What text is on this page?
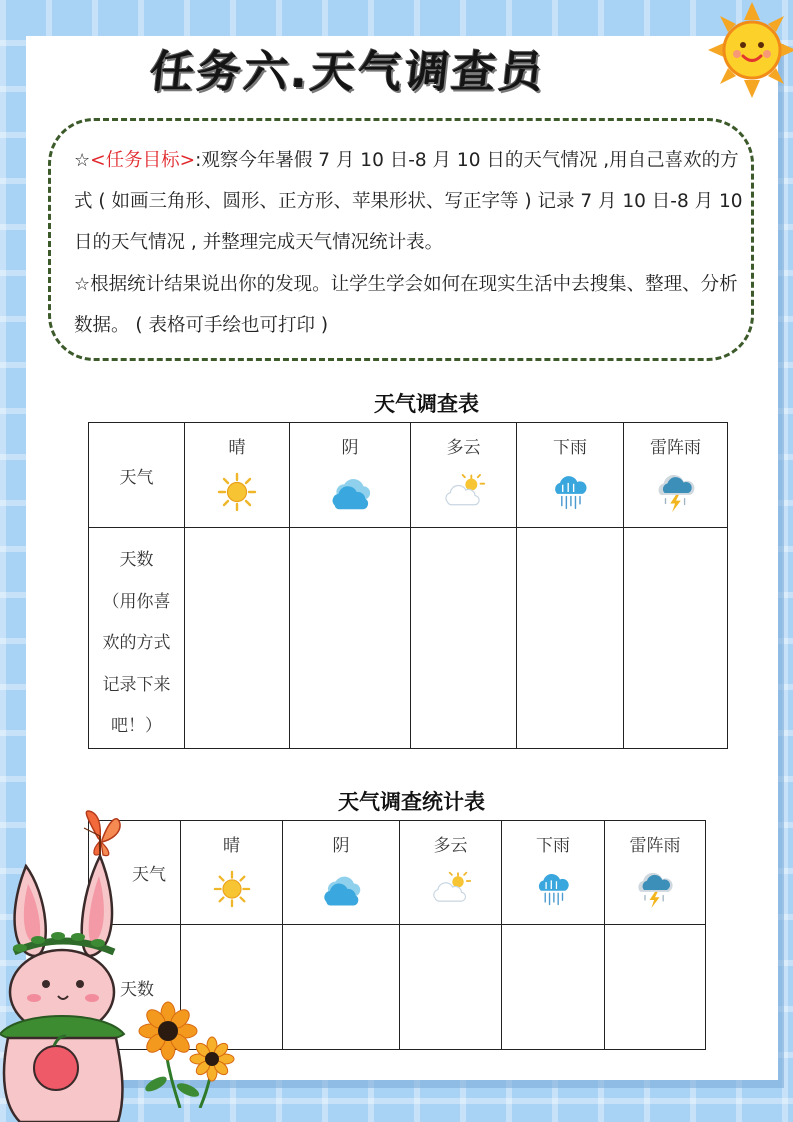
任务六.天气调查员

☆<任务目标>:观察今年暑假 7 月 10 日-8 月 10 日的天气情况 ,用自己喜欢的方式 ( 如画三角形、圆形、正方形、苹果形状、写正字等 ) 记录 7 月 10 日-8 月 10 日的天气情况 , 并整理完成天气情况统计表。

☆根据统计结果说出你的发现。让学生学会如何在现实生活中去搜集、整理、分析数据。 ( 表格可手绘也可打印 )

天气调查表
天气	晴	阴	多云	下雨	雷阵雨

天数
（用你喜
欢的方式
记录下来
吧！）					

天气调查统计表
天气	晴	阴	多云	下雨	雷阵雨

天数					
